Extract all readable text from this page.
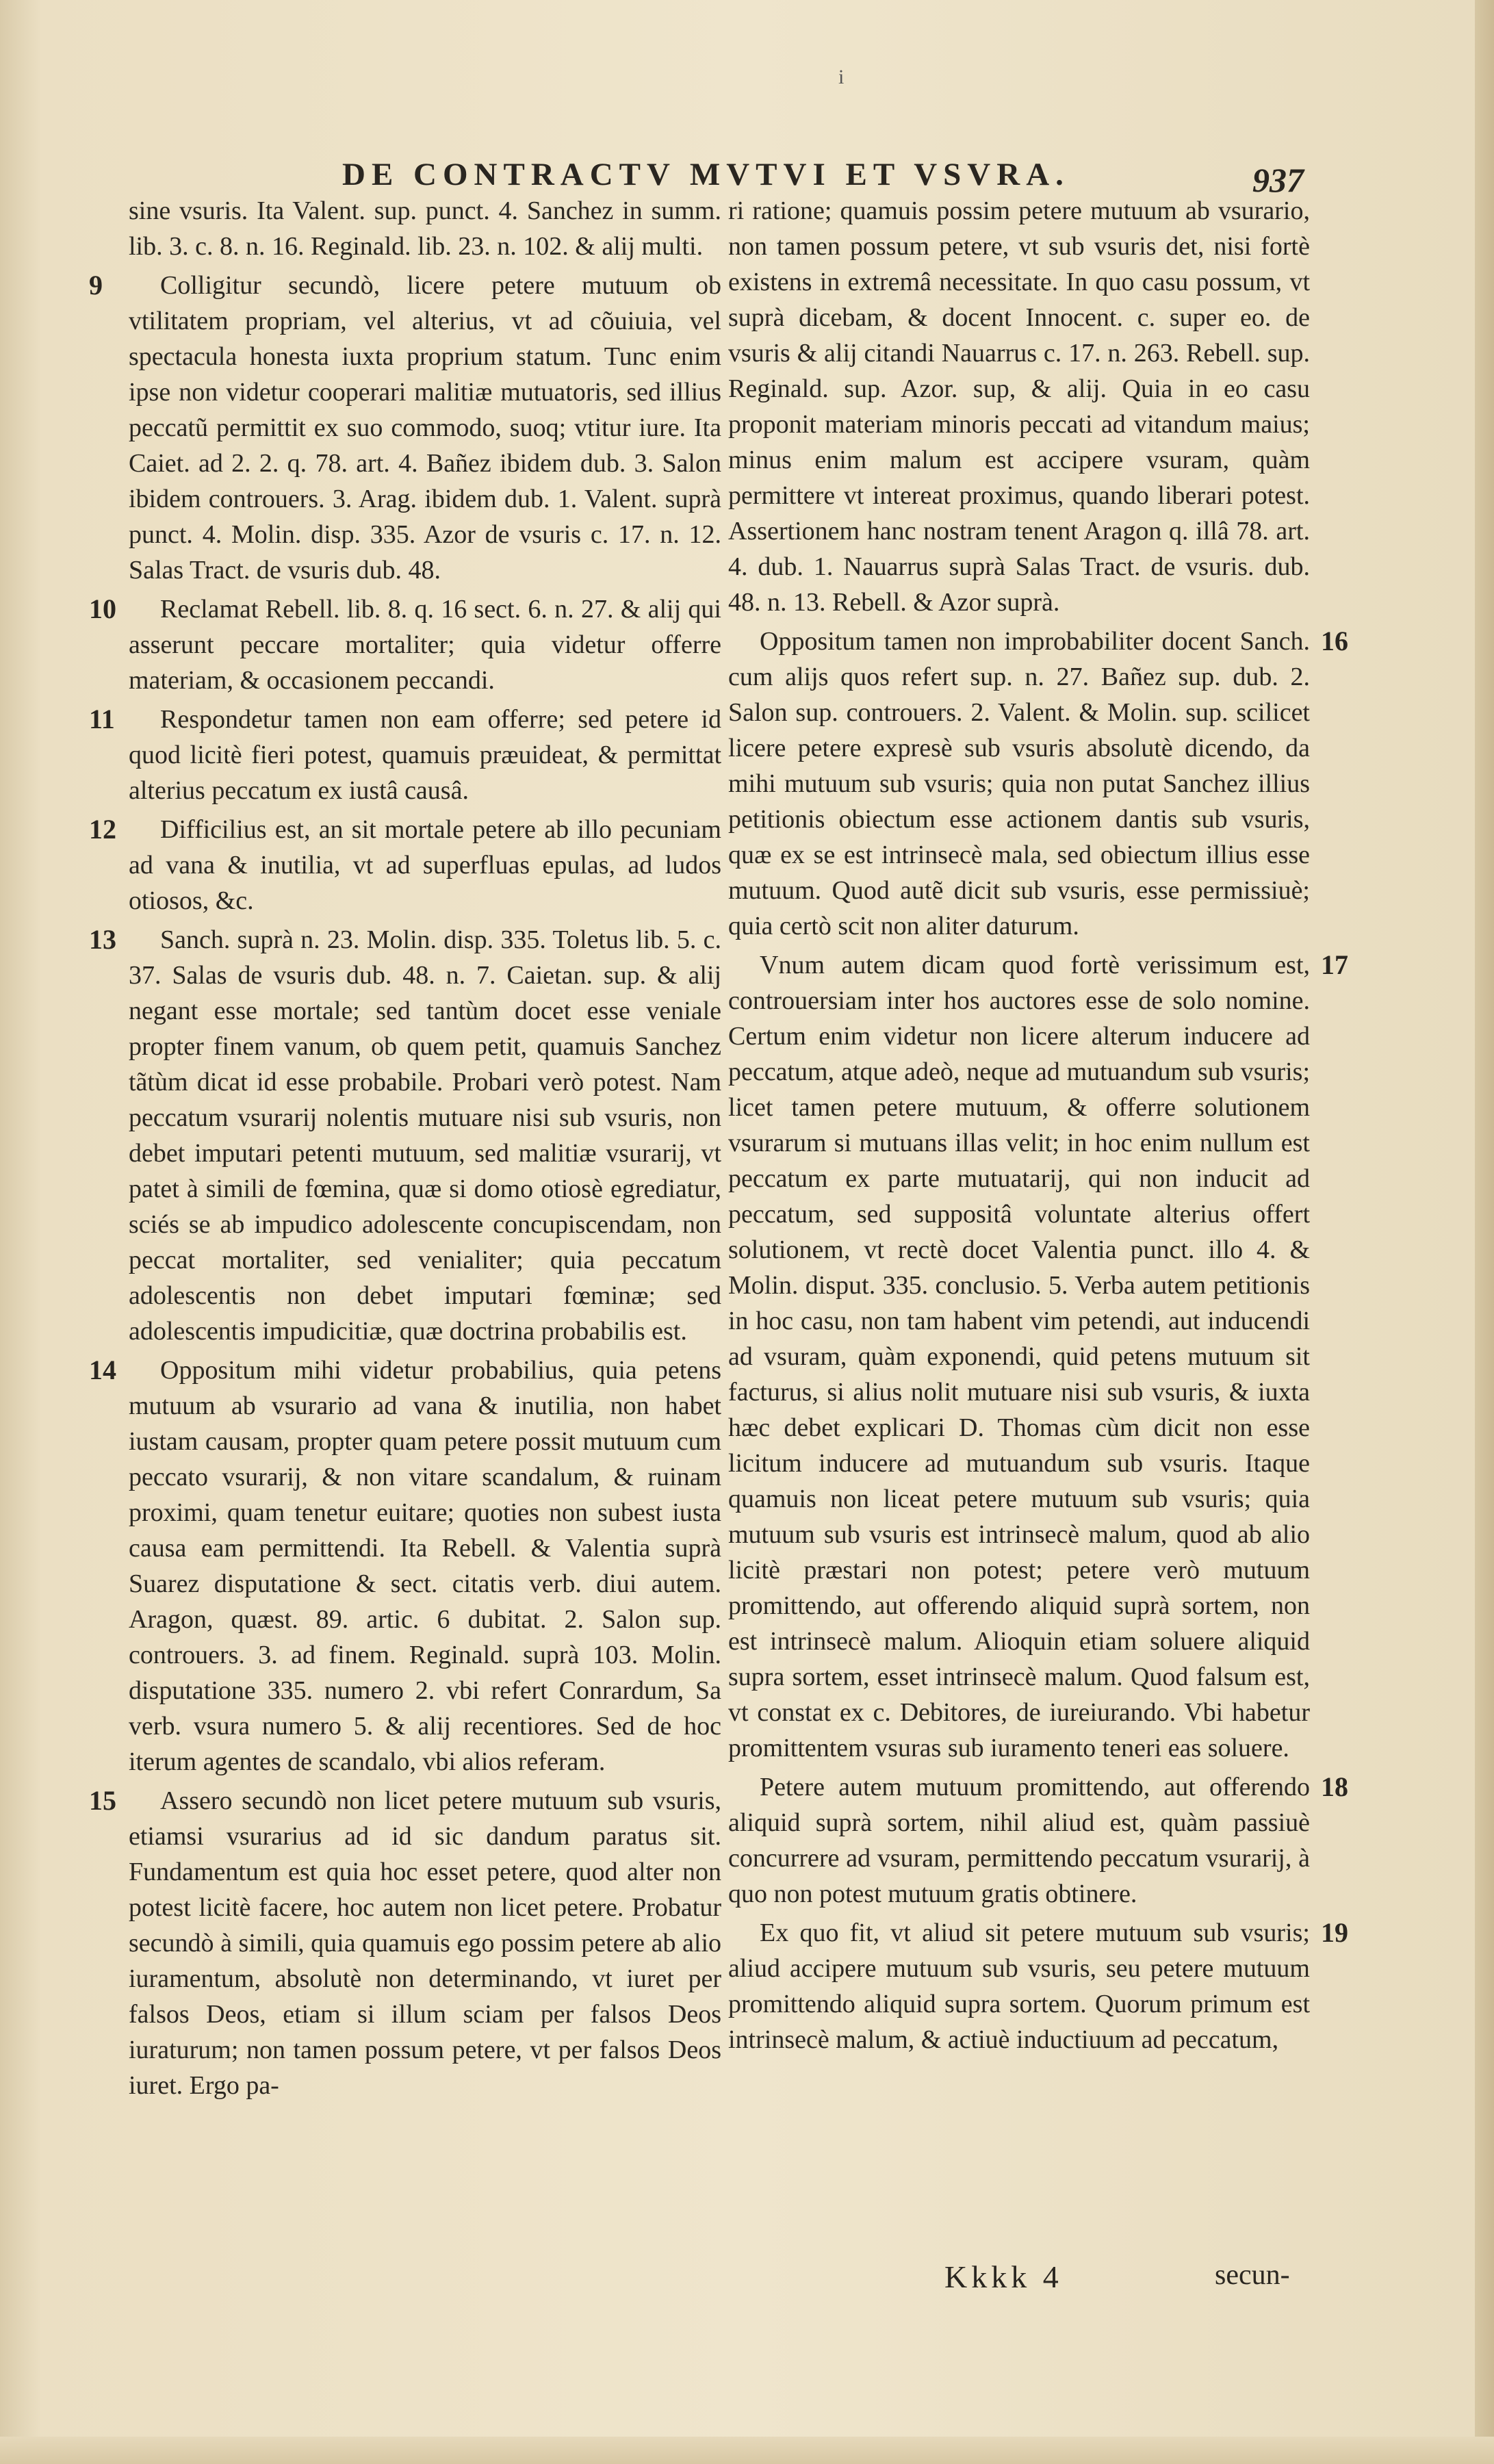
i
DE CONTRACTV MVTVI ET VSVRA.	937

sine vsuris. Ita Valent. sup. punct. 4. Sanchez in summ. lib. 3. c. 8. n. 16. Reginald. lib. 23. n. 102. & alij multi.

Colligitur secundò, licere petere mutuum ob vtilitatem propriam, vel alterius, vt ad cõuiuia, vel spectacula honesta iuxta proprium statum. Tunc enim ipse non videtur cooperari malitiæ mutuatoris, sed illius peccatũ permittit ex suo commodo, suoq; vtitur iure. Ita Caiet. ad 2. 2. q. 78. art. 4. Bañez ibidem dub. 3. Salon ibidem controuers. 3. Arag. ibidem dub. 1. Valent. suprà punct. 4. Molin. disp. 335. Azor de vsuris c. 17. n. 12. Salas Tract. de vsuris dub. 48.

Reclamat Rebell. lib. 8. q. 16 sect. 6. n. 27. & alij qui asserunt peccare mortaliter; quia videtur offerre materiam, & occasionem peccandi.

Respondetur tamen non eam offerre; sed petere id quod licitè fieri potest, quamuis præuideat, & permittat alterius peccatum ex iustâ causâ.

Difficilius est, an sit mortale petere ab illo pecuniam ad vana & inutilia, vt ad superfluas epulas, ad ludos otiosos, &c.

Sanch. suprà n. 23. Molin. disp. 335. Toletus lib. 5. c. 37. Salas de vsuris dub. 48. n. 7. Caietan. sup. & alij negant esse mortale; sed tantùm docet esse veniale propter finem vanum, ob quem petit, quamuis Sanchez tãtùm dicat id esse probabile. Probari verò potest. Nam peccatum vsurarij nolentis mutuare nisi sub vsuris, non debet imputari petenti mutuum, sed malitiæ vsurarij, vt patet à simili de fœmina, quæ si domo otiosè egrediatur, sciés se ab impudico adolescente concupiscendam, non peccat mortaliter, sed venialiter; quia peccatum adolescentis non debet imputari fœminæ; sed adolescentis impudicitiæ, quæ doctrina probabilis est.

Oppositum mihi videtur probabilius, quia petens mutuum ab vsurario ad vana & inutilia, non habet iustam causam, propter quam petere possit mutuum cum peccato vsurarij, & non vitare scandalum, & ruinam proximi, quam tenetur euitare; quoties non subest iusta causa eam permittendi. Ita Rebell. & Valentia suprà Suarez disputatione & sect. citatis verb. diui autem. Aragon, quæst. 89. artic. 6 dubitat. 2. Salon sup. controuers. 3. ad finem. Reginald. suprà 103. Molin. disputatione 335. numero 2. vbi refert Conrardum, Sa verb. vsura numero 5. & alij recentiores. Sed de hoc iterum agentes de scandalo, vbi alios referam.

Assero secundò non licet petere mutuum sub vsuris, etiamsi vsurarius ad id sic dandum paratus sit. Fundamentum est quia hoc esset petere, quod alter non potest licitè facere, hoc autem non licet petere. Probatur secundò à simili, quia quamuis ego possim petere ab alio iuramentum, absolutè non determinando, vt iuret per falsos Deos, etiam si illum sciam per falsos Deos iuraturum; non tamen possum petere, vt per falsos Deos iuret. Ergo pa-

ri ratione; quamuis possim petere mutuum ab vsurario, non tamen possum petere, vt sub vsuris det, nisi fortè existens in extremâ necessitate. In quo casu possum, vt suprà dicebam, & docent Innocent. c. super eo. de vsuris & alij citandi Nauarrus c. 17. n. 263. Rebell. sup. Reginald. sup. Azor. sup, & alij. Quia in eo casu proponit materiam minoris peccati ad vitandum maius; minus enim malum est accipere vsuram, quàm permittere vt intereat proximus, quando liberari potest. Assertionem hanc nostram tenent Aragon q. illâ 78. art. 4. dub. 1. Nauarrus suprà Salas Tract. de vsuris. dub. 48. n. 13. Rebell. & Azor suprà.

Oppositum tamen non improbabiliter docent Sanch. cum alijs quos refert sup. n. 27. Bañez sup. dub. 2. Salon sup. controuers. 2. Valent. & Molin. sup. scilicet licere petere expresè sub vsuris absolutè dicendo, da mihi mutuum sub vsuris; quia non putat Sanchez illius petitionis obiectum esse actionem dantis sub vsuris, quæ ex se est intrinsecè mala, sed obiectum illius esse mutuum. Quod autẽ dicit sub vsuris, esse permissiuè; quia certò scit non aliter daturum.

Vnum autem dicam quod fortè verissimum est, controuersiam inter hos auctores esse de solo nomine. Certum enim videtur non licere alterum inducere ad peccatum, atque adeò, neque ad mutuandum sub vsuris; licet tamen petere mutuum, & offerre solutionem vsurarum si mutuans illas velit; in hoc enim nullum est peccatum ex parte mutuatarij, qui non inducit ad peccatum, sed suppositâ voluntate alterius offert solutionem, vt rectè docet Valentia punct. illo 4. & Molin. disput. 335. conclusio. 5. Verba autem petitionis in hoc casu, non tam habent vim petendi, aut inducendi ad vsuram, quàm exponendi, quid petens mutuum sit facturus, si alius nolit mutuare nisi sub vsuris, & iuxta hæc debet explicari D. Thomas cùm dicit non esse licitum inducere ad mutuandum sub vsuris. Itaque quamuis non liceat petere mutuum sub vsuris; quia mutuum sub vsuris est intrinsecè malum, quod ab alio licitè præstari non potest; petere verò mutuum promittendo, aut offerendo aliquid suprà sortem, non est intrinsecè malum. Alioquin etiam soluere aliquid supra sortem, esset intrinsecè malum. Quod falsum est, vt constat ex c. Debitores, de iureiurando. Vbi habetur promittentem vsuras sub iuramento teneri eas soluere.

Petere autem mutuum promittendo, aut offerendo aliquid suprà sortem, nihil aliud est, quàm passiuè concurrere ad vsuram, permittendo peccatum vsurarij, à quo non potest mutuum gratis obtinere.

Ex quo fit, vt aliud sit petere mutuum sub vsuris; aliud accipere mutuum sub vsuris, seu petere mutuum promittendo aliquid supra sortem. Quorum primum est intrinsecè malum, & actiuè inductiuum ad peccatum,

9
10
11
12
13
14
15
16
17
18
19
Kkkk 4	secun-
